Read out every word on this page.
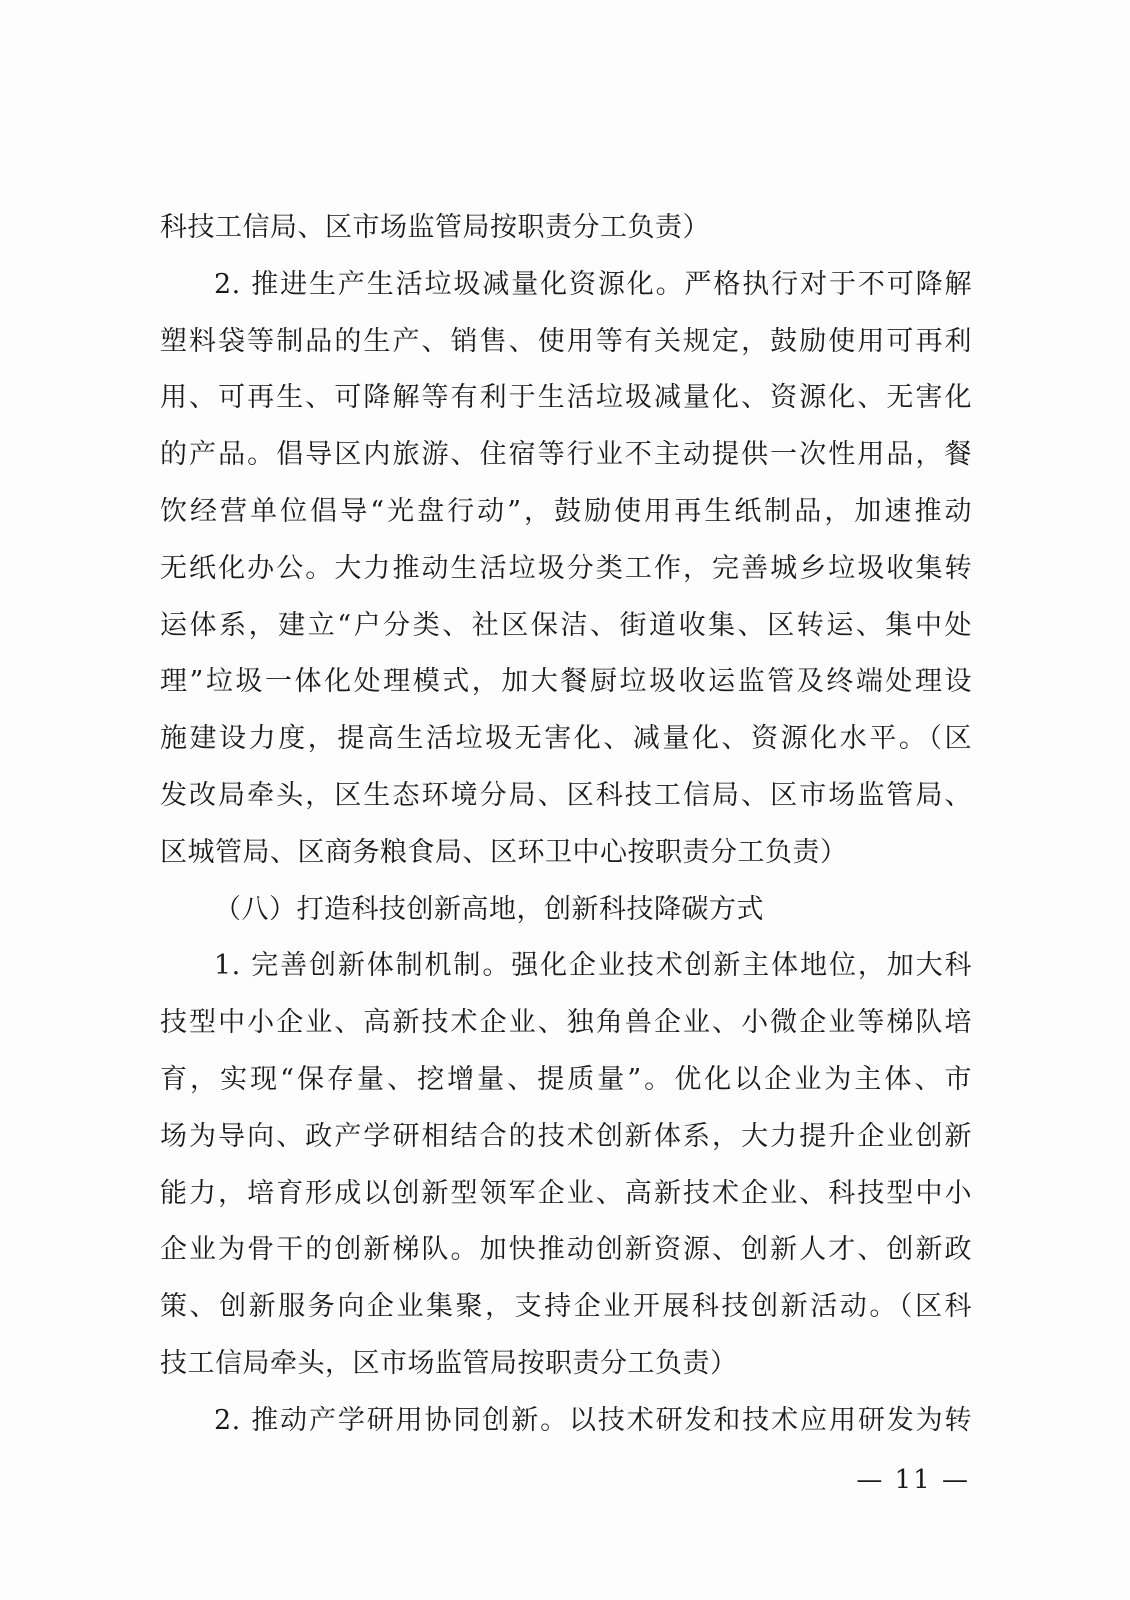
科技工信局、区市场监管局按职责分工负责）
2. 推进生产生活垃圾减量化资源化。严格执行对于不可降解
塑料袋等制品的生产、销售、使用等有关规定，鼓励使用可再利
用、可再生、可降解等有利于生活垃圾减量化、资源化、无害化
的产品。倡导区内旅游、住宿等行业不主动提供一次性用品，餐
饮经营单位倡导“光盘行动”，鼓励使用再生纸制品，加速推动
无纸化办公。大力推动生活垃圾分类工作，完善城乡垃圾收集转
运体系，建立“户分类、社区保洁、街道收集、区转运、集中处
理”垃圾一体化处理模式，加大餐厨垃圾收运监管及终端处理设
施建设力度，提高生活垃圾无害化、减量化、资源化水平。（区
发改局牵头，区生态环境分局、区科技工信局、区市场监管局、
区城管局、区商务粮食局、区环卫中心按职责分工负责）
（八）打造科技创新高地，创新科技降碳方式
1. 完善创新体制机制。强化企业技术创新主体地位，加大科
技型中小企业、高新技术企业、独角兽企业、小微企业等梯队培
育，实现“保存量、挖增量、提质量”。优化以企业为主体、市
场为导向、政产学研相结合的技术创新体系，大力提升企业创新
能力，培育形成以创新型领军企业、高新技术企业、科技型中小
企业为骨干的创新梯队。加快推动创新资源、创新人才、创新政
策、创新服务向企业集聚，支持企业开展科技创新活动。（区科
技工信局牵头，区市场监管局按职责分工负责）
2. 推动产学研用协同创新。以技术研发和技术应用研发为转
— 11 —
